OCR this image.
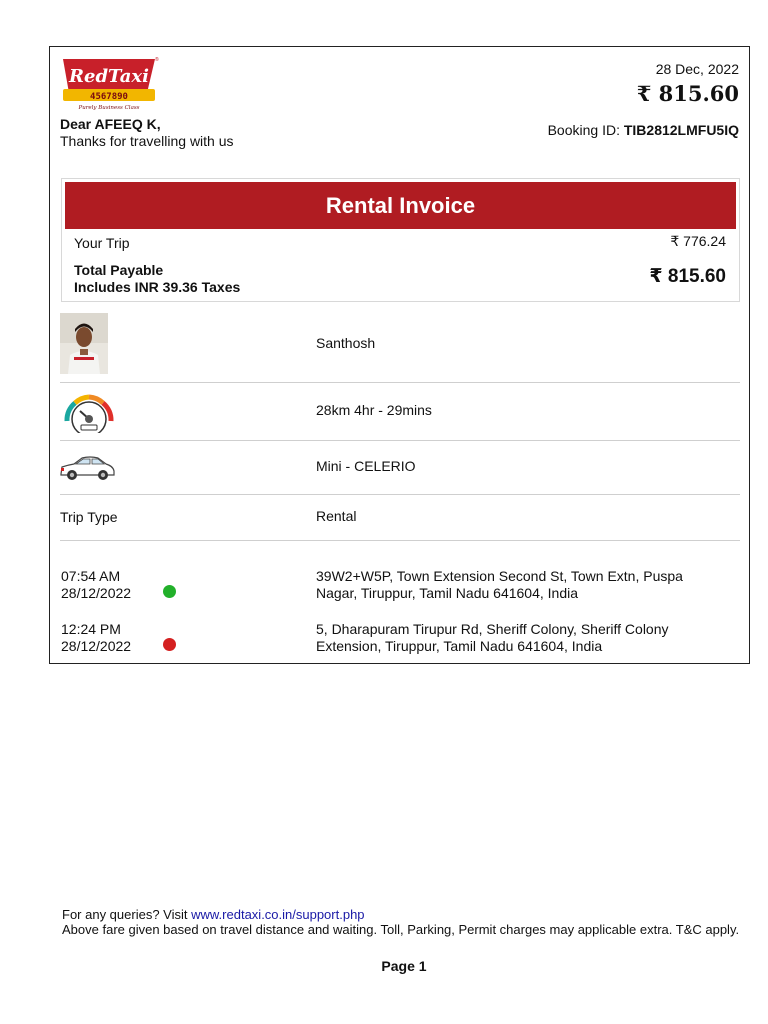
RedTaxi
4567890
Purely Business Class
®
Dear AFEEQ K,
Thanks for travelling with us
28 Dec, 2022
₹ 815.60
Booking ID: TIB2812LMFU5IQ
Rental Invoice
Your Trip	₹ 776.24
Total Payable
Includes INR 39.36 Taxes	₹ 815.60
Santhosh
28km 4hr - 29mins
Mini - CELERIO
Trip Type	Rental
07:54 AM
28/12/2022
39W2+W5P, Town Extension Second St, Town Extn, Puspa Nagar, Tiruppur, Tamil Nadu 641604, India
12:24 PM
28/12/2022
5, Dharapuram Tirupur Rd, Sheriff Colony, Sheriff Colony Extension, Tiruppur, Tamil Nadu 641604, India
For any queries? Visit www.redtaxi.co.in/support.php
Above fare given based on travel distance and waiting. Toll, Parking, Permit charges may applicable extra. T&C apply.
Page 1
